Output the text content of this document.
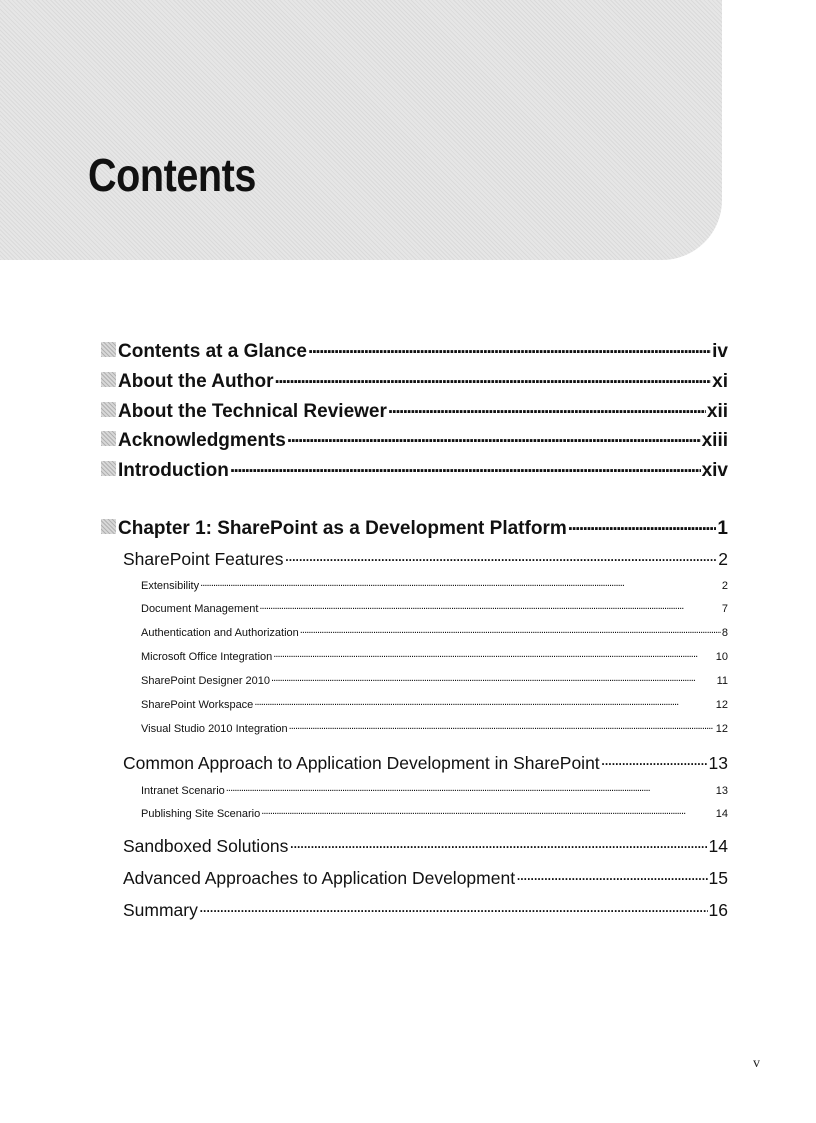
Contents
Contents at a Glance . . .	iv
About the Author . . .	xi
About the Technical Reviewer . . .	xii
Acknowledgments . . .	xiii
Introduction . . .	xiv
Chapter 1: SharePoint as a Development Platform . . .	1
SharePoint Features . . .	2
Extensibility . . .	2
Document Management . . .	7
Authentication and Authorization . . .	8
Microsoft Office Integration . . .	10
SharePoint Designer 2010 . . .	11
SharePoint Workspace . . .	12
Visual Studio 2010 Integration . . .	12
Common Approach to Application Development in SharePoint . . .	13
Intranet Scenario . . .	13
Publishing Site Scenario . . .	14
Sandboxed Solutions . . .	14
Advanced Approaches to Application Development . . .	15
Summary . . .	16
v
